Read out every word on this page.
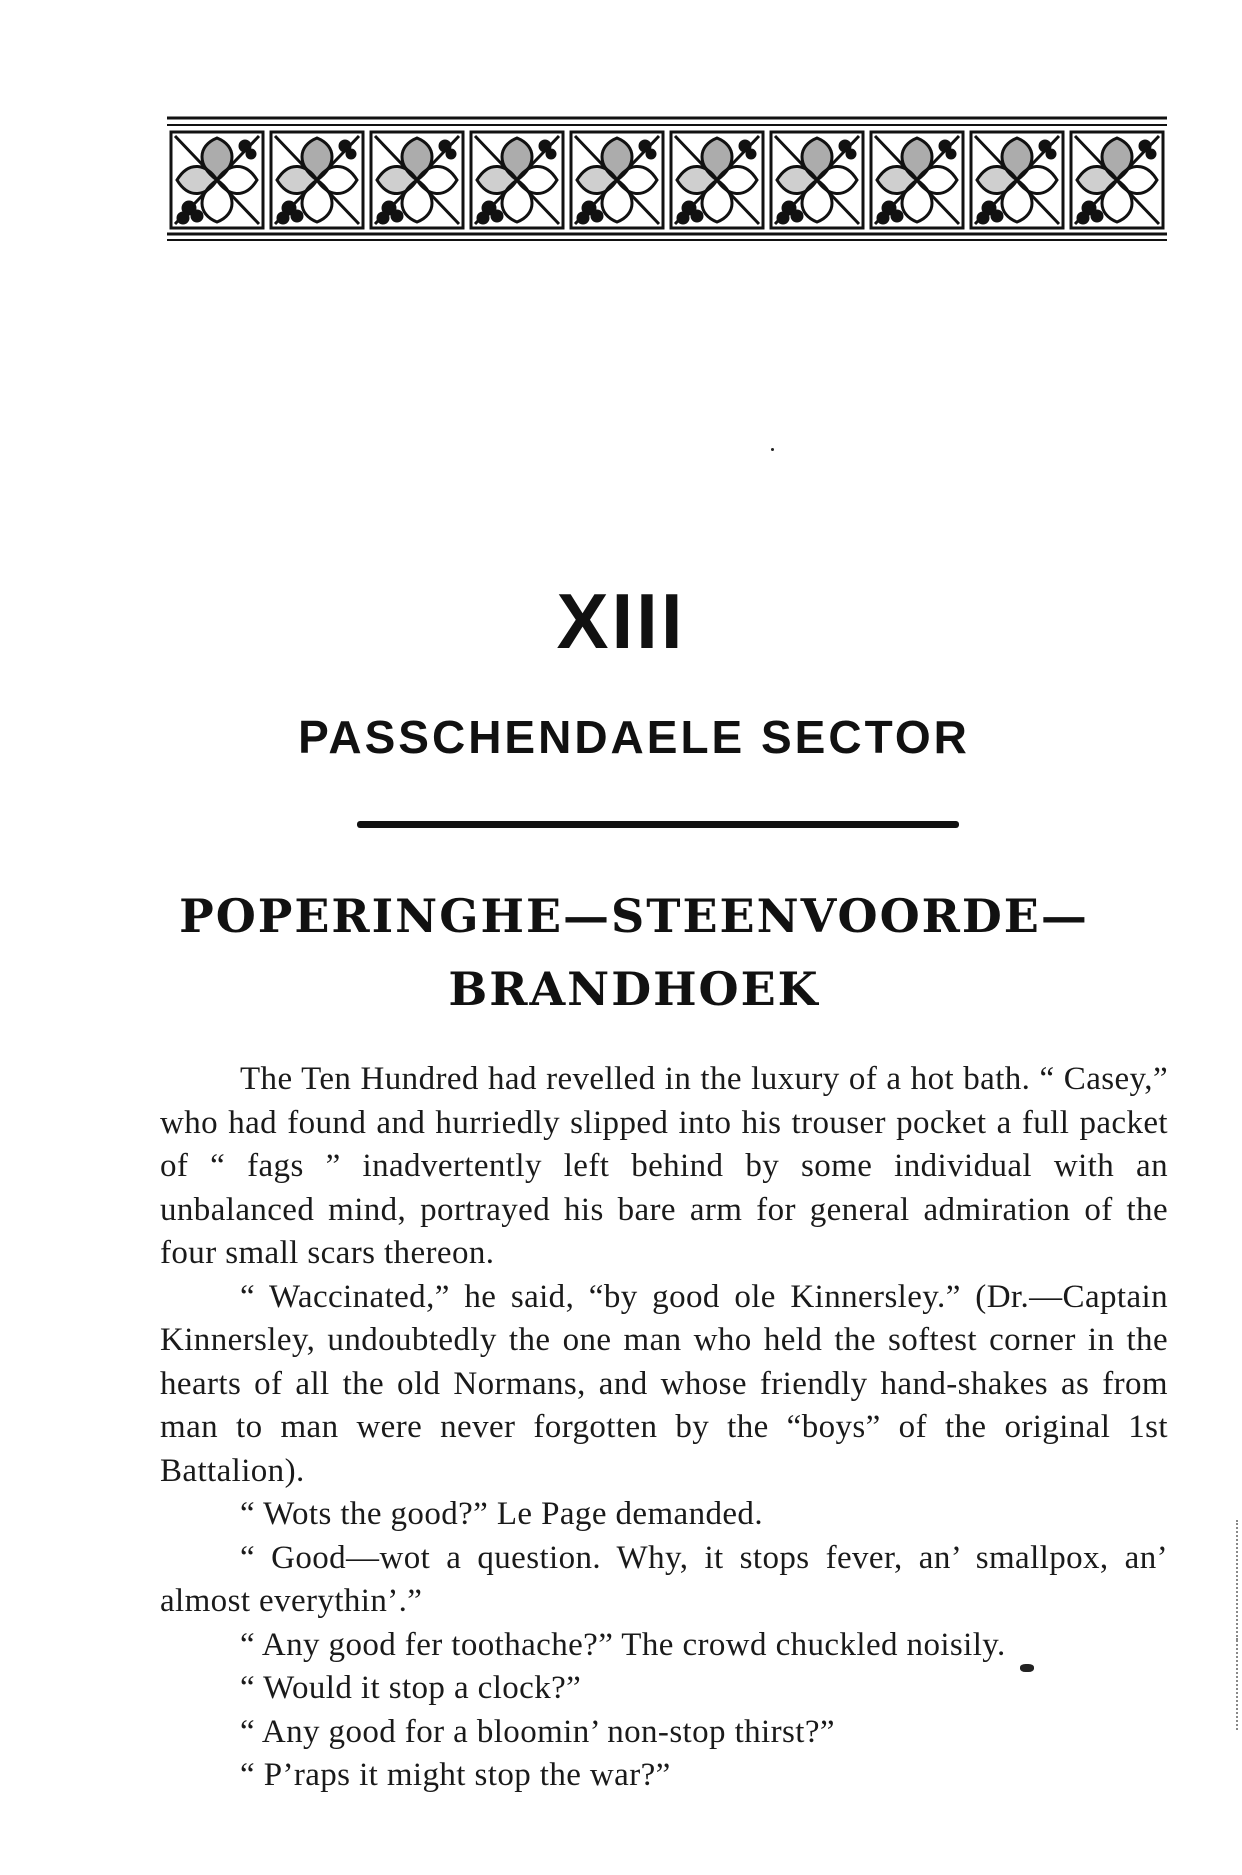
XIII
PASSCHENDAELE SECTOR
POPERINGHE—STEENVOORDE—
BRANDHOEK

The Ten Hundred had revelled in the luxury of a hot bath. “ Casey,” who had found and hurriedly slipped into his trouser pocket a full packet of “ fags ” inadvertently left behind by some individual with an unbalanced mind, portrayed his bare arm for general admiration of the four small scars thereon.

“ Waccinated,” he said, “by good ole Kinnersley.” (Dr.—Captain Kinnersley, undoubtedly the one man who held the softest corner in the hearts of all the old Normans, and whose friendly hand-shakes as from man to man were never forgotten by the “boys” of the original 1st Battalion).

“ Wots the good?” Le Page demanded.

“ Good—wot a question. Why, it stops fever, an’ smallpox, an’ almost everythin’.”

“ Any good fer toothache?” The crowd chuckled noisily.

“ Would it stop a clock?”

“ Any good for a bloomin’ non-stop thirst?”

“ P’raps it might stop the war?”
